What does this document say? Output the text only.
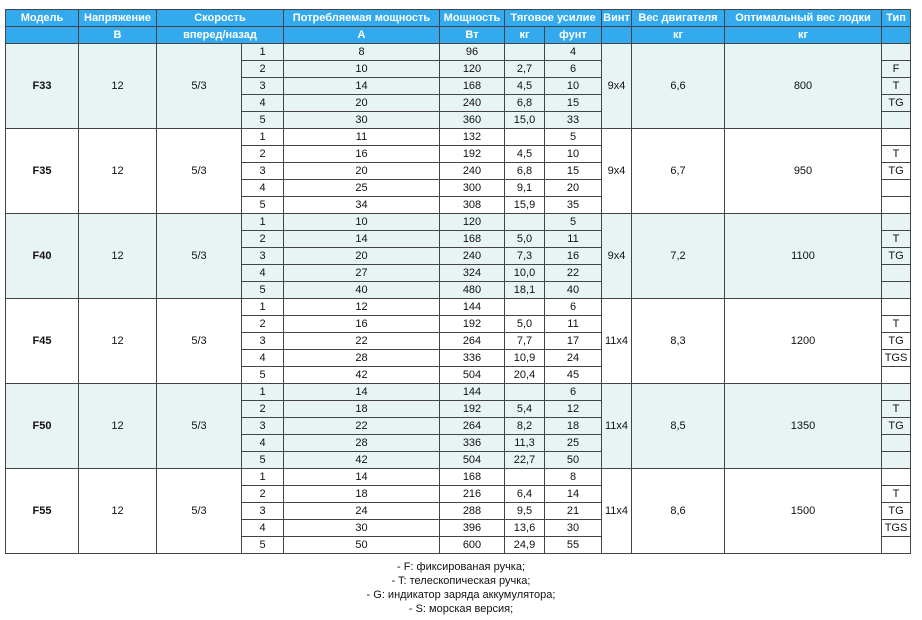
Модель	Напряжение	Скорость		Потребляемая мощность	Мощность	Тяговое усилие		Винт	Вес двигателя	Оптимальный вес лодки	Тип
	В	вперед/назад		А	Вт	кг	фунт		кг	кг	
F33	12	5/3	1	8	96		4	9x4	6,6	800	
			2	10	120	2,7	6				F
			3	14	168	4,5	10				T
			4	20	240	6,8	15				TG
			5	30	360	15,0	33				
F35	12	5/3	1	11	132		5	9x4	6,7	950	
			2	16	192	4,5	10				T
			3	20	240	6,8	15				TG
			4	25	300	9,1	20				
			5	34	308	15,9	35				
F40	12	5/3	1	10	120		5	9x4	7,2	1100	
			2	14	168	5,0	11				T
			3	20	240	7,3	16				TG
			4	27	324	10,0	22				
			5	40	480	18,1	40				
F45	12	5/3	1	12	144		6	11x4	8,3	1200	
			2	16	192	5,0	11				T
			3	22	264	7,7	17				TG
			4	28	336	10,9	24				TGS
			5	42	504	20,4	45				
F50	12	5/3	1	14	144		6	11x4	8,5	1350	
			2	18	192	5,4	12				T
			3	22	264	8,2	18				TG
			4	28	336	11,3	25				
			5	42	504	22,7	50				
F55	12	5/3	1	14	168		8	11x4	8,6	1500	
			2	18	216	6,4	14				T
			3	24	288	9,5	21				TG
			4	30	396	13,6	30				TGS
			5	50	600	24,9	55				
- F: фиксированая ручка;
- T: телескопическая ручка;
- G: индикатор заряда аккумулятора;
- S: морская версия;
